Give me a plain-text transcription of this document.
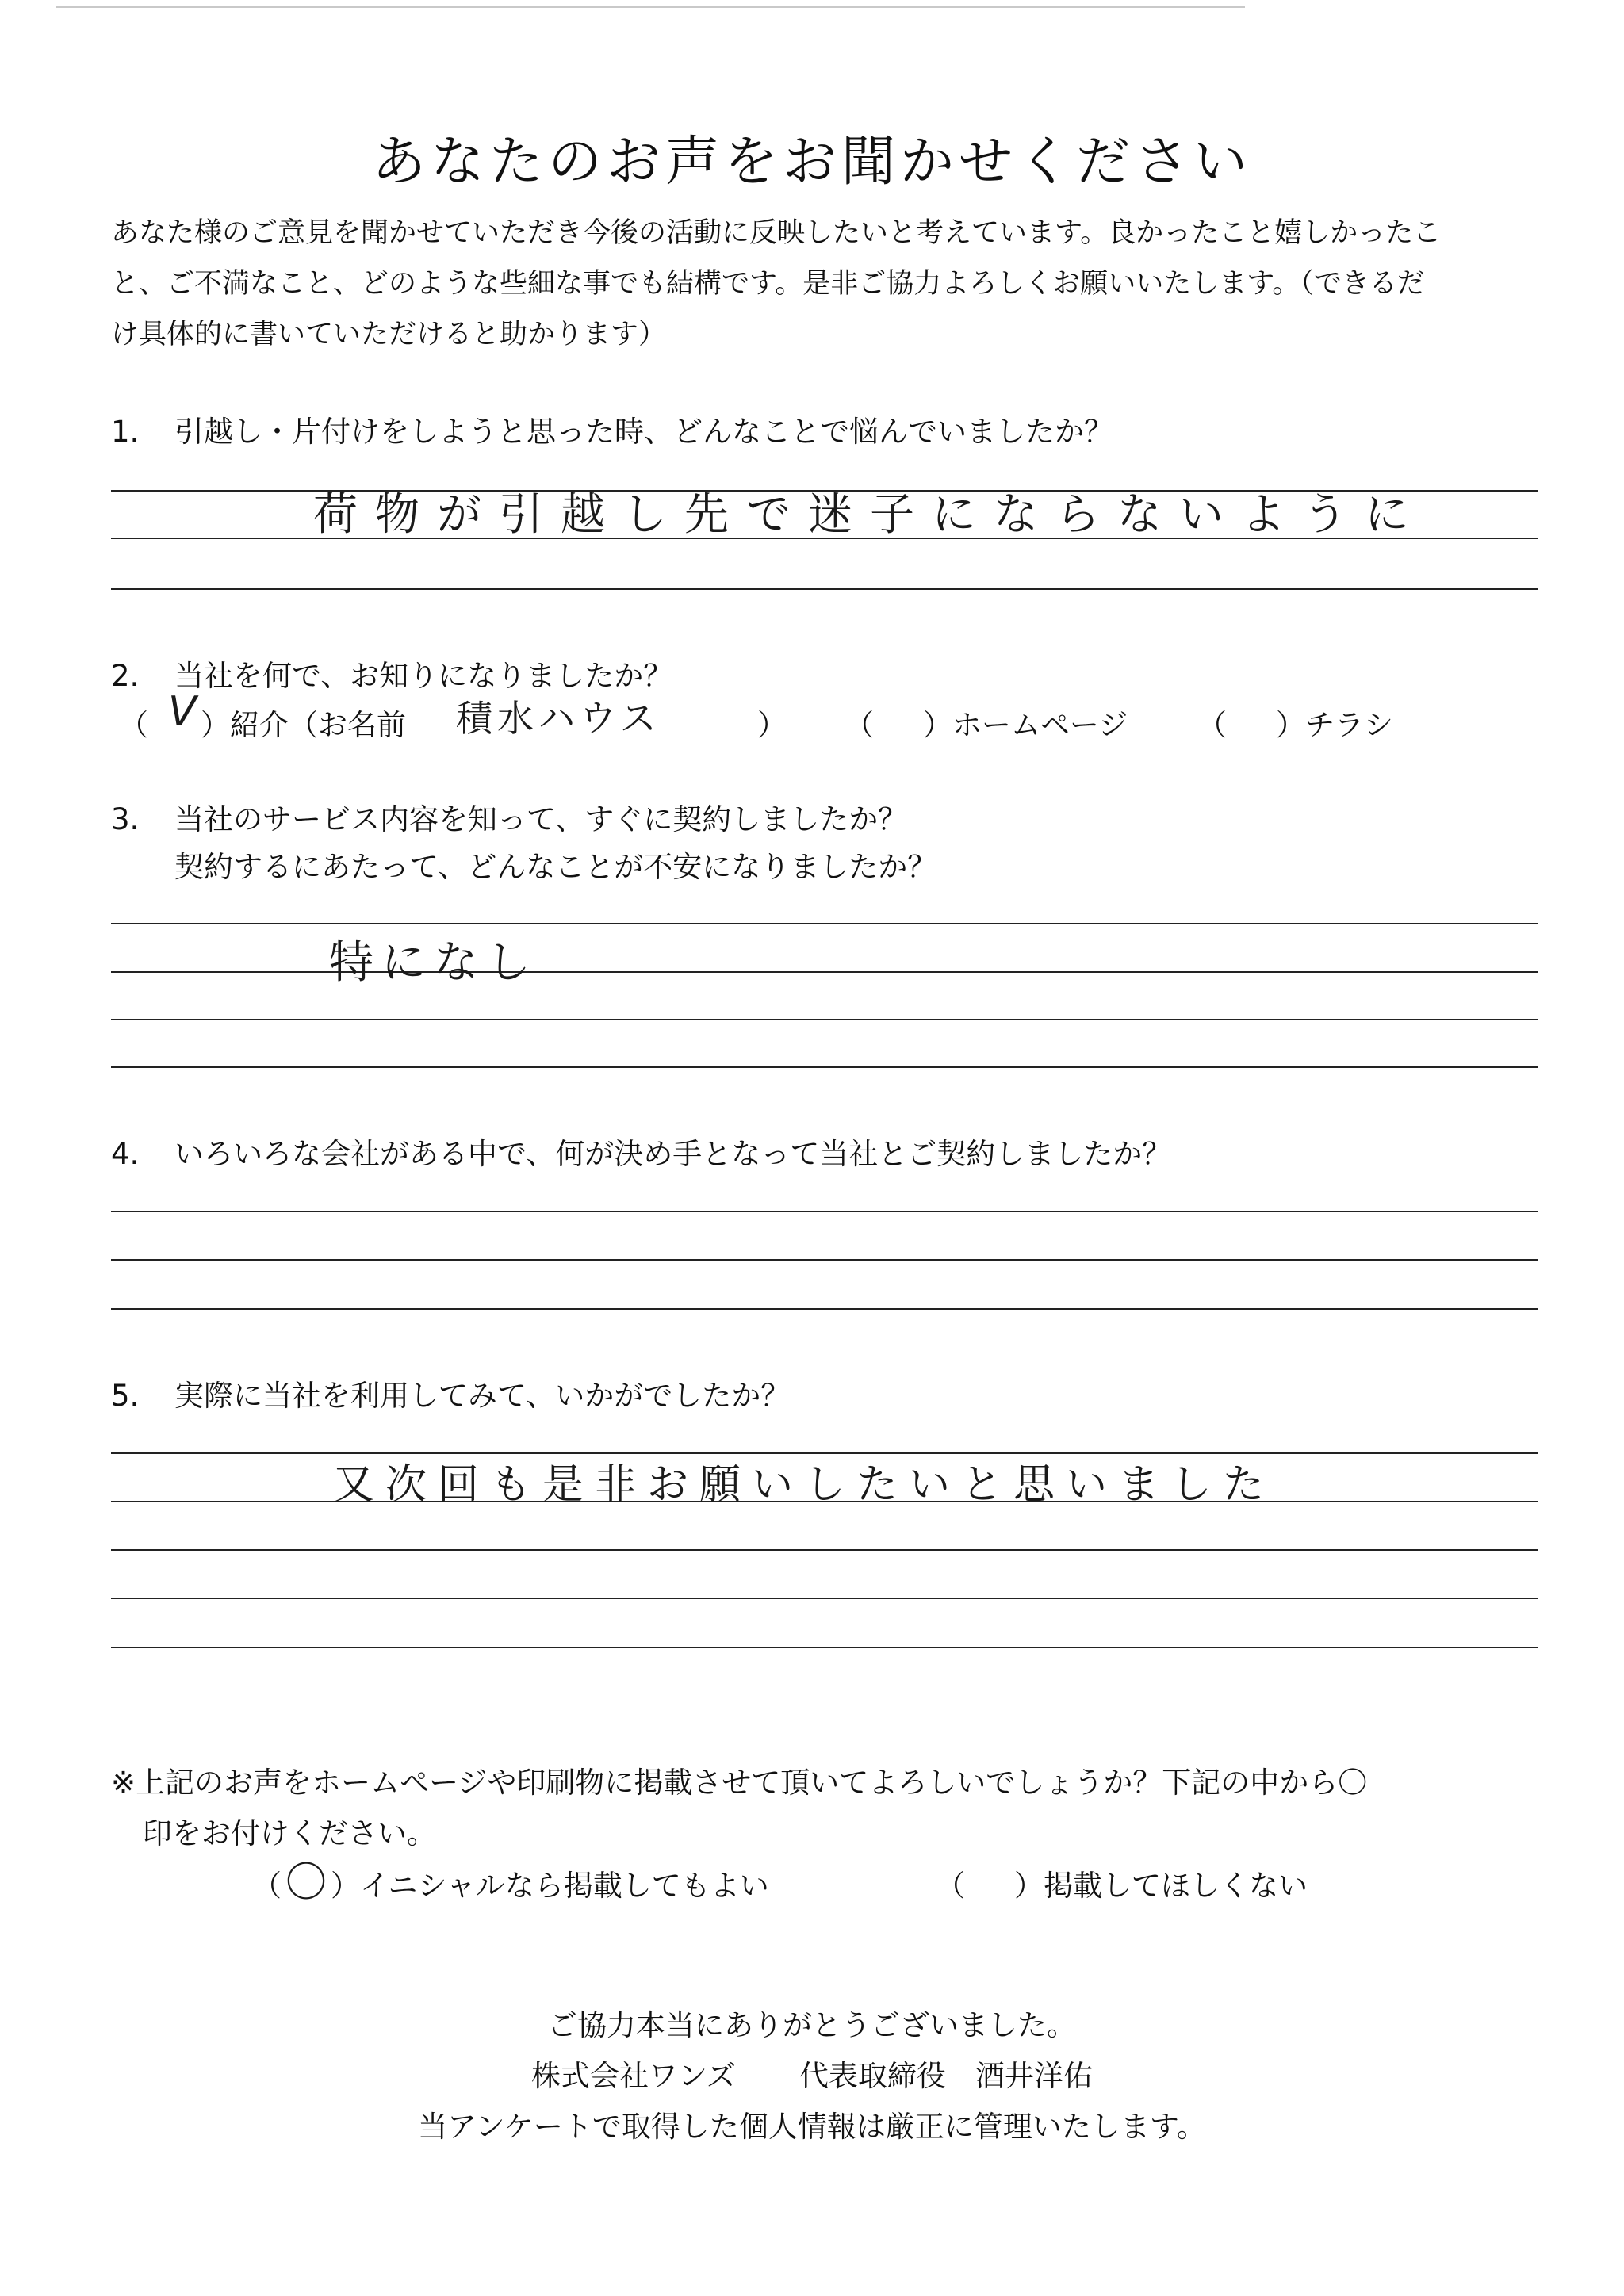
あなたのお声をお聞かせください
あなた様のご意見を聞かせていただき今後の活動に反映したいと考えています。良かったこと嬉しかったこ
と、ご不満なこと、どのような些細な事でも結構です。是非ご協力よろしくお願いいたします。（できるだ
け具体的に書いていただけると助かります）
1. 引越し・片付けをしようと思った時、どんなことで悩んでいましたか？
荷物が引越し先で迷子にならないように
2. 当社を何で、お知りになりましたか？
（ ）紹介（お名前
V	積水ハウス	） （ ）ホームページ （ ）チラシ
3. 当社のサービス内容を知って、すぐに契約しましたか？
契約するにあたって、どんなことが不安になりましたか？
特になし
4. いろいろな会社がある中で、何が決め手となって当社とご契約しましたか？
5. 実際に当社を利用してみて、いかがでしたか？
又次回も是非お願いしたいと思いました
※上記のお声をホームページや印刷物に掲載させて頂いてよろしいでしょうか？下記の中から〇
印をお付けください。
（ ）イニシャルなら掲載してもよい
〇	（ ）掲載してほしくない
ご協力本当にありがとうございました。
株式会社ワンズ 代表取締役　酒井洋佑
当アンケートで取得した個人情報は厳正に管理いたします。
